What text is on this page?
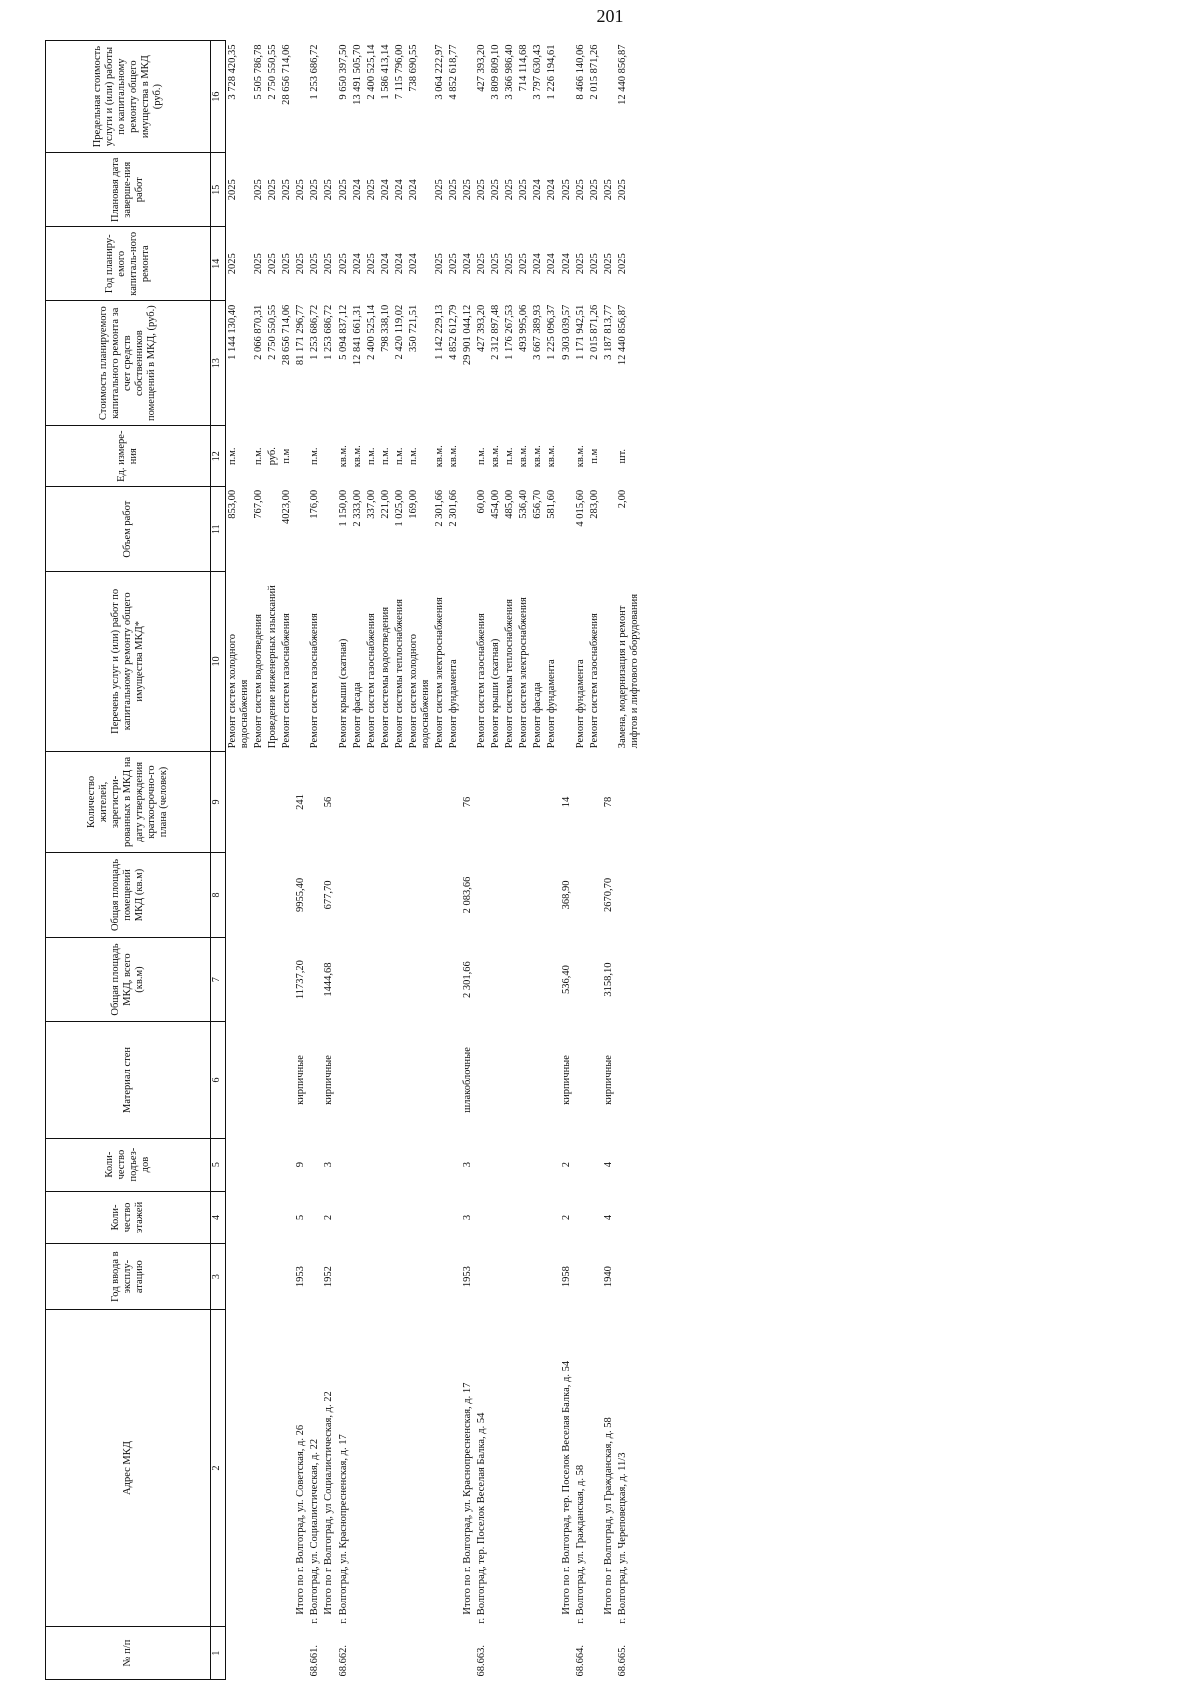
201
№ п/п	Адрес МКД	Год ввода в эксплу-атацию	Коли-чество этажей	Коли-чество подъез-дов	Материал стен	Общая площадь МКД, всего (кв.м)	Общая площадь помещений МКД (кв.м)	Количество жителей, зарегистри-рованных в МКД на дату утверждения краткосрочно-го плана (человек)	Перечень услуг и (или) работ по капитальному ремонту общего имущества МКД*	Объем работ	Ед. измере-ния	Стоимость планируемого капитального ремонта за счет средств собственников помещений в МКД, (руб.)	Год планиру-емого капиталь-ного ремонта	Плановая дата заверше-ния работ	Предельная стоимость услуги и (или) работы по капитальному ремонту общего имущества в МКД (руб.)
1	2	3	4	5	6	7	8	9	10	11	12	13	14	15	16
									Ремонт систем холодного водоснабжения	853,00	п.м.	1 144 130,40	2025	2025	3 728 420,35
									Ремонт систем водоотведения	767,00	п.м.	2 066 870,31	2025	2025	5 505 786,78
									Проведение инженерных изысканий		руб.	2 750 550,55	2025	2025	2 750 550,55
									Ремонт систем газоснабжения	4023,00	п.м	28 656 714,06	2025	2025	28 656 714,06
	Итого по г. Волгоград, ул. Советская, д. 26	1953	5	9	кирпичные	11737,20	9955,40	241				81 171 296,77	2025	2025	
68.661.	г. Волгоград, ул. Социалистическая, д. 22								Ремонт систем газоснабжения	176,00	п.м.	1 253 686,72	2025	2025	1 253 686,72
	Итого по г Волгоград, ул Социалистическая, д. 22	1952	2	3	кирпичные	1444,68	677,70	56				1 253 686,72	2025	2025	
68.662.	г. Волгоград, ул. Краснопресненская, д. 17								Ремонт крыши (скатная)	1 150,00	кв.м.	5 094 837,12	2025	2025	9 650 397,50
									Ремонт фасада	2 333,00	кв.м.	12 841 661,31	2024	2024	13 491 505,70
									Ремонт систем газоснабжения	337,00	п.м.	2 400 525,14	2025	2025	2 400 525,14
									Ремонт системы водоотведения	221,00	п.м.	798 338,10	2024	2024	1 586 413,14
									Ремонт системы теплоснабжения	1 025,00	п.м.	2 420 119,02	2024	2024	7 115 796,00
									Ремонт систем холодного водоснабжения	169,00	п.м.	350 721,51	2024	2024	738 690,55
									Ремонт систем электроснабжения	2 301,66	кв.м.	1 142 229,13	2025	2025	3 064 222,97
									Ремонт фундамента	2 301,66	кв.м.	4 852 612,79	2025	2025	4 852 618,77
	Итого по г. Волгоград, ул. Краснопресненская, д. 17	1953	3	3	шлакоблочные	2 301,66	2 083,66	76				29 901 044,12	2024	2025	
68.663.	г. Волгоград, тер. Поселок Веселая Балка, д. 54								Ремонт систем газоснабжения	60,00	п.м.	427 393,20	2025	2025	427 393,20
									Ремонт крыши (скатная)	454,00	кв.м.	2 312 897,48	2025	2025	3 809 809,10
									Ремонт системы теплоснабжения	485,00	п.м.	1 176 267,53	2025	2025	3 366 986,40
									Ремонт систем электроснабжения	536,40	кв.м.	493 995,06	2025	2025	714 114,68
									Ремонт фасада	656,70	кв.м.	3 667 389,93	2024	2024	3 797 630,43
									Ремонт фундамента	581,60	кв.м.	1 225 096,37	2024	2024	1 226 194,61
	Итого по г. Волгоград, тер. Поселок Веселая Балка, д. 54	1958	2	2	кирпичные	536,40	368,90	14				9 303 039,57	2024	2025	
68.664.	г. Волгоград, ул. Гражданская, д. 58								Ремонт фундамента	4 015,60	кв.м.	1 171 942,51	2025	2025	8 466 140,06
									Ремонт систем газоснабжения	283,00	п.м	2 015 871,26	2025	2025	2 015 871,26
	Итого по г Волгоград, ул Гражданская, д. 58	1940	4	4	кирпичные	3158,10	2670,70	78				3 187 813,77	2025	2025	
68.665.	г. Волгоград, ул. Череповецкая, д. 11/3								Замена, модернизация и ремонт лифтов и лифтового оборудования	2,00	шт.	12 440 856,87	2025	2025	12 440 856,87
